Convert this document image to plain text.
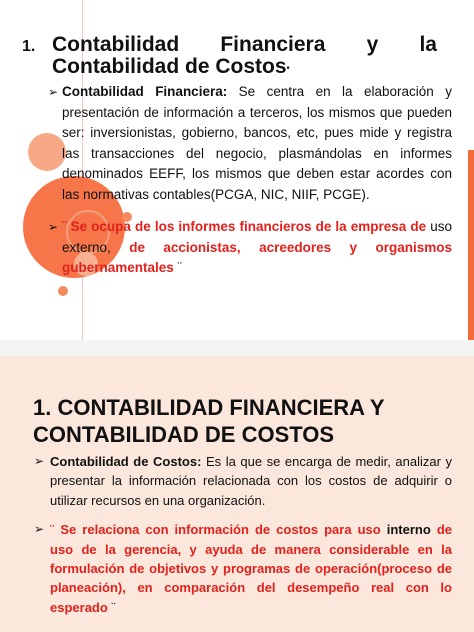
1. Contabilidad Financiera y la
Contabilidad de Costos▪

➢ Contabilidad Financiera: Se centra en la elaboración y presentación de información a terceros, los mismos que pueden ser: inversionistas, gobierno, bancos, etc, pues mide y registra las transacciones del negocio, plasmándolas en informes denominados EEFF, los mismos que deben estar acordes con las normativas contables(PCGA, NIC, NIIF, PCGE).

➢ ¨ Se ocupa de los informes financieros de la empresa de uso externo, de accionistas, acreedores y organismos gubernamentales ¨

1. CONTABILIDAD FINANCIERA Y CONTABILIDAD DE COSTOS

➢ Contabilidad de Costos: Es la que se encarga de medir, analizar y presentar la información relacionada con los costos de adquirir o utilizar recursos en una organización.

➢ ¨ Se relaciona con información de costos para uso interno de uso de la gerencia, y ayuda de manera considerable en la formulación de objetivos y programas de operación(proceso de planeación), en comparación del desempeño real con lo esperado ¨
